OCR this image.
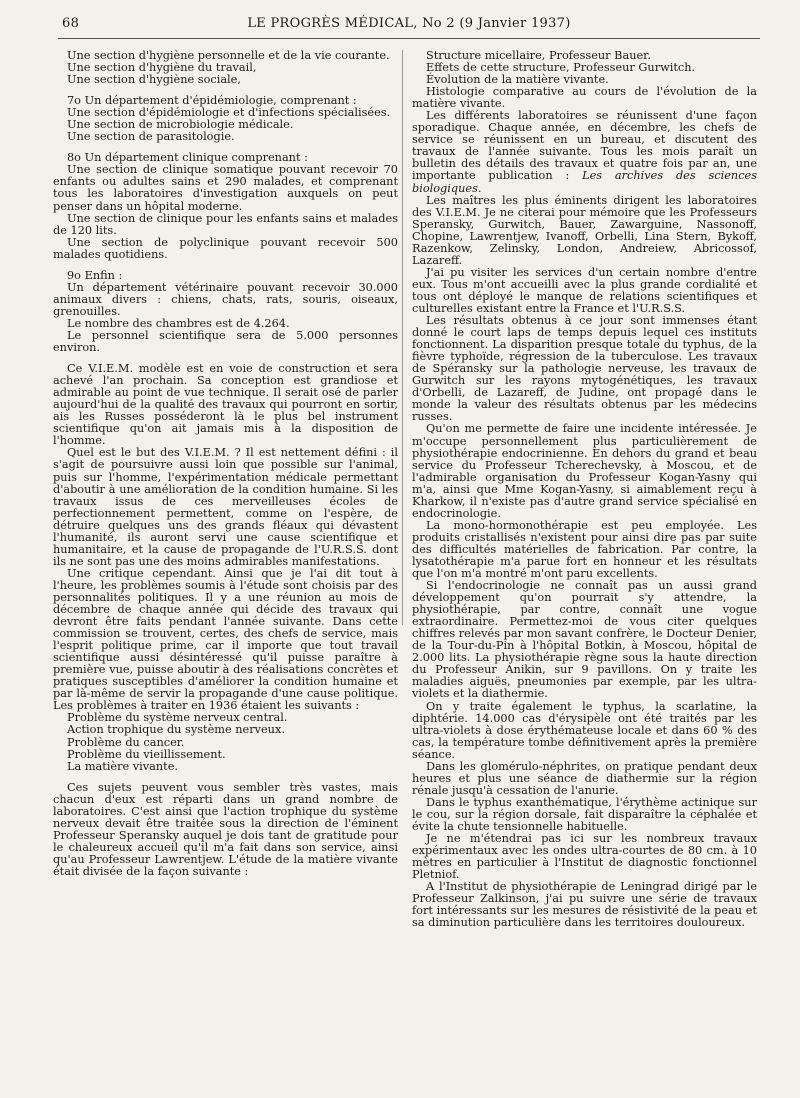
68	LE PROGRÈS MÉDICAL, No 2 (9 Janvier 1937)

Une section d'hygiène personnelle et de la vie courante.

Une section d'hygiène du travail,

Une section d'hygiène sociale,

7o Un département d'épidémiologie, comprenant :

Une section d'épidémiologie et d'infections spécialisées.

Une section de microbiologie médicale.

Une section de parasitologie.

8o Un département clinique comprenant :

Une section de clinique somatique pouvant recevoir 70 enfants ou adultes sains et 290 malades, et comprenant tous les laboratoires d'investigation auxquels on peut penser dans un hôpital moderne.

Une section de clinique pour les enfants sains et malades de 120 lits.

Une section de polyclinique pouvant recevoir 500 malades quotidiens.

9o Enfin :

Un département vétérinaire pouvant recevoir 30.000 animaux divers : chiens, chats, rats, souris, oiseaux, grenouilles.

Le nombre des chambres est de 4.264.

Le personnel scientifique sera de 5.000 personnes environ.

Ce V.I.E.M. modèle est en voie de construction et sera achevé l'an prochain. Sa conception est grandiose et admirable au point de vue technique. Il serait osé de parler aujourd'hui de la qualité des travaux qui pourront en sortir, ais les Russes posséderont là le plus bel instrument scientifique qu'on ait jamais mis à la disposition de l'homme.

Quel est le but des V.I.E.M. ? Il est nettement défini : il s'agit de poursuivre aussi loin que possible sur l'animal, puis sur l'homme, l'expérimentation médicale permettant d'aboutir à une amélioration de la condition humaine. Si les travaux issus de ces merveilleuses écoles de perfectionnement permettent, comme on l'espère, de détruire quelques uns des grands fléaux qui dévastent l'humanité, ils auront servi une cause scientifique et humanitaire, et la cause de propagande de l'U.R.S.S. dont ils ne sont pas une des moins admirables manifestations.

Une critique cependant. Ainsi que je l'ai dit tout à l'heure, les problèmes soumis à l'étude sont choisis par des personnalités politiques. Il y a une réunion au mois de décembre de chaque année qui décide des travaux qui devront être faits pendant l'année suivante. Dans cette commission se trouvent, certes, des chefs de service, mais l'esprit politique prime, car il importe que tout travail scientifique aussi désintéressé qu'il puisse paraître à première vue, puisse aboutir à des réalisations concrètes et pratiques susceptibles d'améliorer la condition humaine et par là-même de servir la propagande d'une cause politique. Les problèmes à traiter en 1936 étaient les suivants :

Problème du système nerveux central.
Action trophique du système nerveux.
Problème du cancer.
Problème du vieillissement.
La matière vivante.

Ces sujets peuvent vous sembler très vastes, mais chacun d'eux est réparti dans un grand nombre de laboratoires. C'est ainsi que l'action trophique du système nerveux devait être traitée sous la direction de l'éminent Professeur Speransky auquel je dois tant de gratitude pour le chaleureux accueil qu'il m'a fait dans son service, ainsi qu'au Professeur Lawrentjew. L'étude de la matière vivante était divisée de la façon suivante :

Structure micellaire, Professeur Bauer.

Effets de cette structure, Professeur Gurwitch.

Évolution de la matière vivante.

Histologie comparative au cours de l'évolution de la matière vivante.

Les différents laboratoires se réunissent d'une façon sporadique. Chaque année, en décembre, les chefs de service se réunissent en un bureau, et discutent des travaux de l'année suivante. Tous les mois paraît un bulletin des détails des travaux et quatre fois par an, une importante publication : Les archives des sciences biologiques.

Les maîtres les plus éminents dirigent les laboratoires des V.I.E.M. Je ne citerai pour mémoire que les Professeurs Speransky, Gurwitch, Bauer, Zawarguine, Nassonoff, Chopine, Lawrentjew, Ivanoff, Orbelli, Lina Stern, Bykoff, Razenkow, Zelinsky, London, Andreiew, Abricossof, Lazareff.

J'ai pu visiter les services d'un certain nombre d'entre eux. Tous m'ont accueilli avec la plus grande cordialité et tous ont déployé le manque de relations scientifiques et culturelles existant entre la France et l'U.R.S.S.

Les résultats obtenus à ce jour sont immenses étant donné le court laps de temps depuis lequel ces instituts fonctionnent. La disparition presque totale du typhus, de la fièvre typhoïde, régression de la tuberculose. Les travaux de Spéransky sur la pathologie nerveuse, les travaux de Gurwitch sur les rayons mytogénétiques, les travaux d'Orbelli, de Lazareff, de Judine, ont propagé dans le monde la valeur des résultats obtenus par les médecins russes.

Qu'on me permette de faire une incidente intéressée. Je m'occupe personnellement plus particulièrement de physiothérapie endocrinienne. En dehors du grand et beau service du Professeur Tcherechevsky, à Moscou, et de l'admirable organisation du Professeur Kogan-Yasny qui m'a, ainsi que Mme Kogan-Yasny, si aimablement reçu à Kharkow, il n'existe pas d'autre grand service spécialisé en endocrinologie.

La mono-hormonothérapie est peu employée. Les produits cristallisés n'existent pour ainsi dire pas par suite des difficultés matérielles de fabrication. Par contre, la lysatothérapie m'a parue fort en honneur et les résultats que l'on m'a montré m'ont paru excellents.

Si l'endocrinologie ne connaît pas un aussi grand développement qu'on pourrait s'y attendre, la physiothérapie, par contre, connaît une vogue extraordinaire. Permettez-moi de vous citer quelques chiffres relevés par mon savant confrère, le Docteur Denier, de la Tour-du-Pin à l'hôpital Botkin, à Moscou, hôpital de 2.000 lits. La physiothérapie règne sous la haute direction du Professeur Anikin, sur 9 pavillons. On y traite les maladies aiguës, pneumonies par exemple, par les ultra-violets et la diathermie.

On y traite également le typhus, la scarlatine, la diphtérie. 14.000 cas d'érysipèle ont été traités par les ultra-violets à dose érythémateuse locale et dans 60 % des cas, la température tombe définitivement après la première séance.

Dans les glomérulo-néphrites, on pratique pendant deux heures et plus une séance de diathermie sur la région rénale jusqu'à cessation de l'anurie.

Dans le typhus exanthématique, l'érythème actinique sur le cou, sur la région dorsale, fait disparaître la céphalée et évite la chute tensionnelle habituelle.

Je ne m'étendrai pas ici sur les nombreux travaux expérimentaux avec les ondes ultra-courtes de 80 cm. à 10 mètres en particulier à l'Institut de diagnostic fonctionnel Pletniof.

A l'Institut de physiothérapie de Leningrad dirigé par le Professeur Zalkinson, j'ai pu suivre une série de travaux fort intéressants sur les mesures de résistivité de la peau et sa diminution particulière dans les territoires douloureux.
